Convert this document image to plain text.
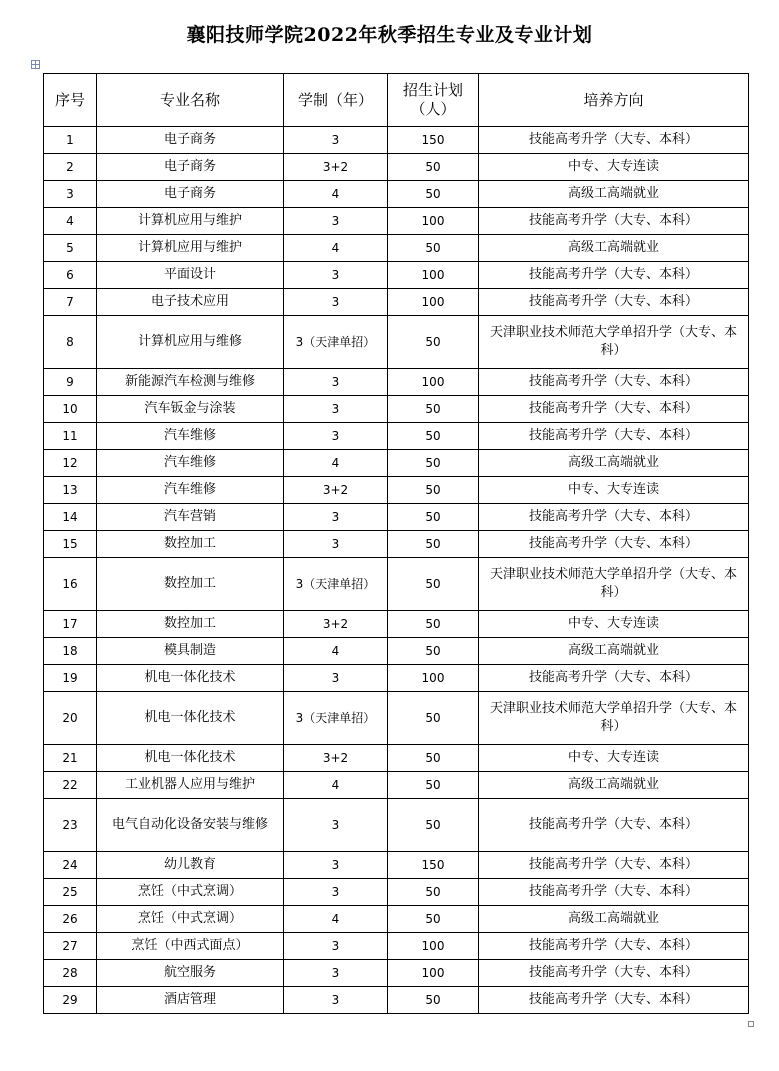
襄阳技师学院2022年秋季招生专业及专业计划
序号	专业名称	学制（年）	招生计划（人）	培养方向
1	电子商务	3	150	技能高考升学（大专、本科）
2	电子商务	3+2	50	中专、大专连读
3	电子商务	4	50	高级工高端就业
4	计算机应用与维护	3	100	技能高考升学（大专、本科）
5	计算机应用与维护	4	50	高级工高端就业
6	平面设计	3	100	技能高考升学（大专、本科）
7	电子技术应用	3	100	技能高考升学（大专、本科）
8	计算机应用与维修	3（天津单招）	50	天津职业技术师范大学单招升学（大专、本科）
9	新能源汽车检测与维修	3	100	技能高考升学（大专、本科）
10	汽车钣金与涂装	3	50	技能高考升学（大专、本科）
11	汽车维修	3	50	技能高考升学（大专、本科）
12	汽车维修	4	50	高级工高端就业
13	汽车维修	3+2	50	中专、大专连读
14	汽车营销	3	50	技能高考升学（大专、本科）
15	数控加工	3	50	技能高考升学（大专、本科）
16	数控加工	3（天津单招）	50	天津职业技术师范大学单招升学（大专、本科）
17	数控加工	3+2	50	中专、大专连读
18	模具制造	4	50	高级工高端就业
19	机电一体化技术	3	100	技能高考升学（大专、本科）
20	机电一体化技术	3（天津单招）	50	天津职业技术师范大学单招升学（大专、本科）
21	机电一体化技术	3+2	50	中专、大专连读
22	工业机器人应用与维护	4	50	高级工高端就业
23	电气自动化设备安装与维修	3	50	技能高考升学（大专、本科）
24	幼儿教育	3	150	技能高考升学（大专、本科）
25	烹饪（中式烹调）	3	50	技能高考升学（大专、本科）
26	烹饪（中式烹调）	4	50	高级工高端就业
27	烹饪（中西式面点）	3	100	技能高考升学（大专、本科）
28	航空服务	3	100	技能高考升学（大专、本科）
29	酒店管理	3	50	技能高考升学（大专、本科）
